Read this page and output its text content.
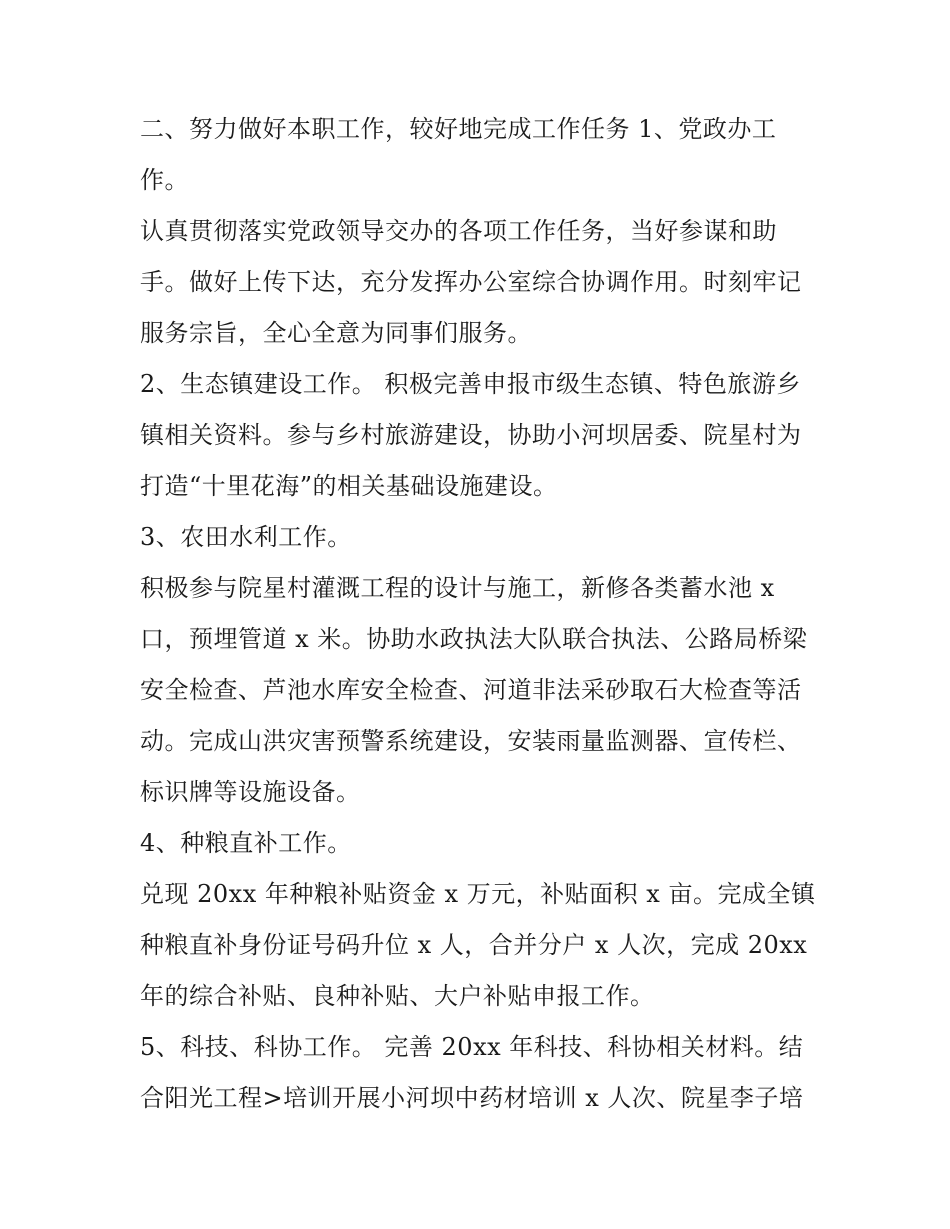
二、努力做好本职工作，较好地完成工作任务 1、党政办工
作。
认真贯彻落实党政领导交办的各项工作任务，当好参谋和助
手。做好上传下达，充分发挥办公室综合协调作用。时刻牢记
服务宗旨，全心全意为同事们服务。
2、生态镇建设工作。 积极完善申报市级生态镇、特色旅游乡
镇相关资料。参与乡村旅游建设，协助小河坝居委、院星村为
打造“十里花海”的相关基础设施建设。
3、农田水利工作。
积极参与院星村灌溉工程的设计与施工，新修各类蓄水池 x
口，预埋管道 x 米。协助水政执法大队联合执法、公路局桥梁
安全检查、芦池水库安全检查、河道非法采砂取石大检查等活
动。完成山洪灾害预警系统建设，安装雨量监测器、宣传栏、
标识牌等设施设备。
4、种粮直补工作。
兑现 20xx 年种粮补贴资金 x 万元，补贴面积 x 亩。完成全镇
种粮直补身份证号码升位 x 人，合并分户 x 人次，完成 20xx
年的综合补贴、良种补贴、大户补贴申报工作。
5、科技、科协工作。 完善 20xx 年科技、科协相关材料。结
合阳光工程>培训开展小河坝中药材培训 x 人次、院星李子培
